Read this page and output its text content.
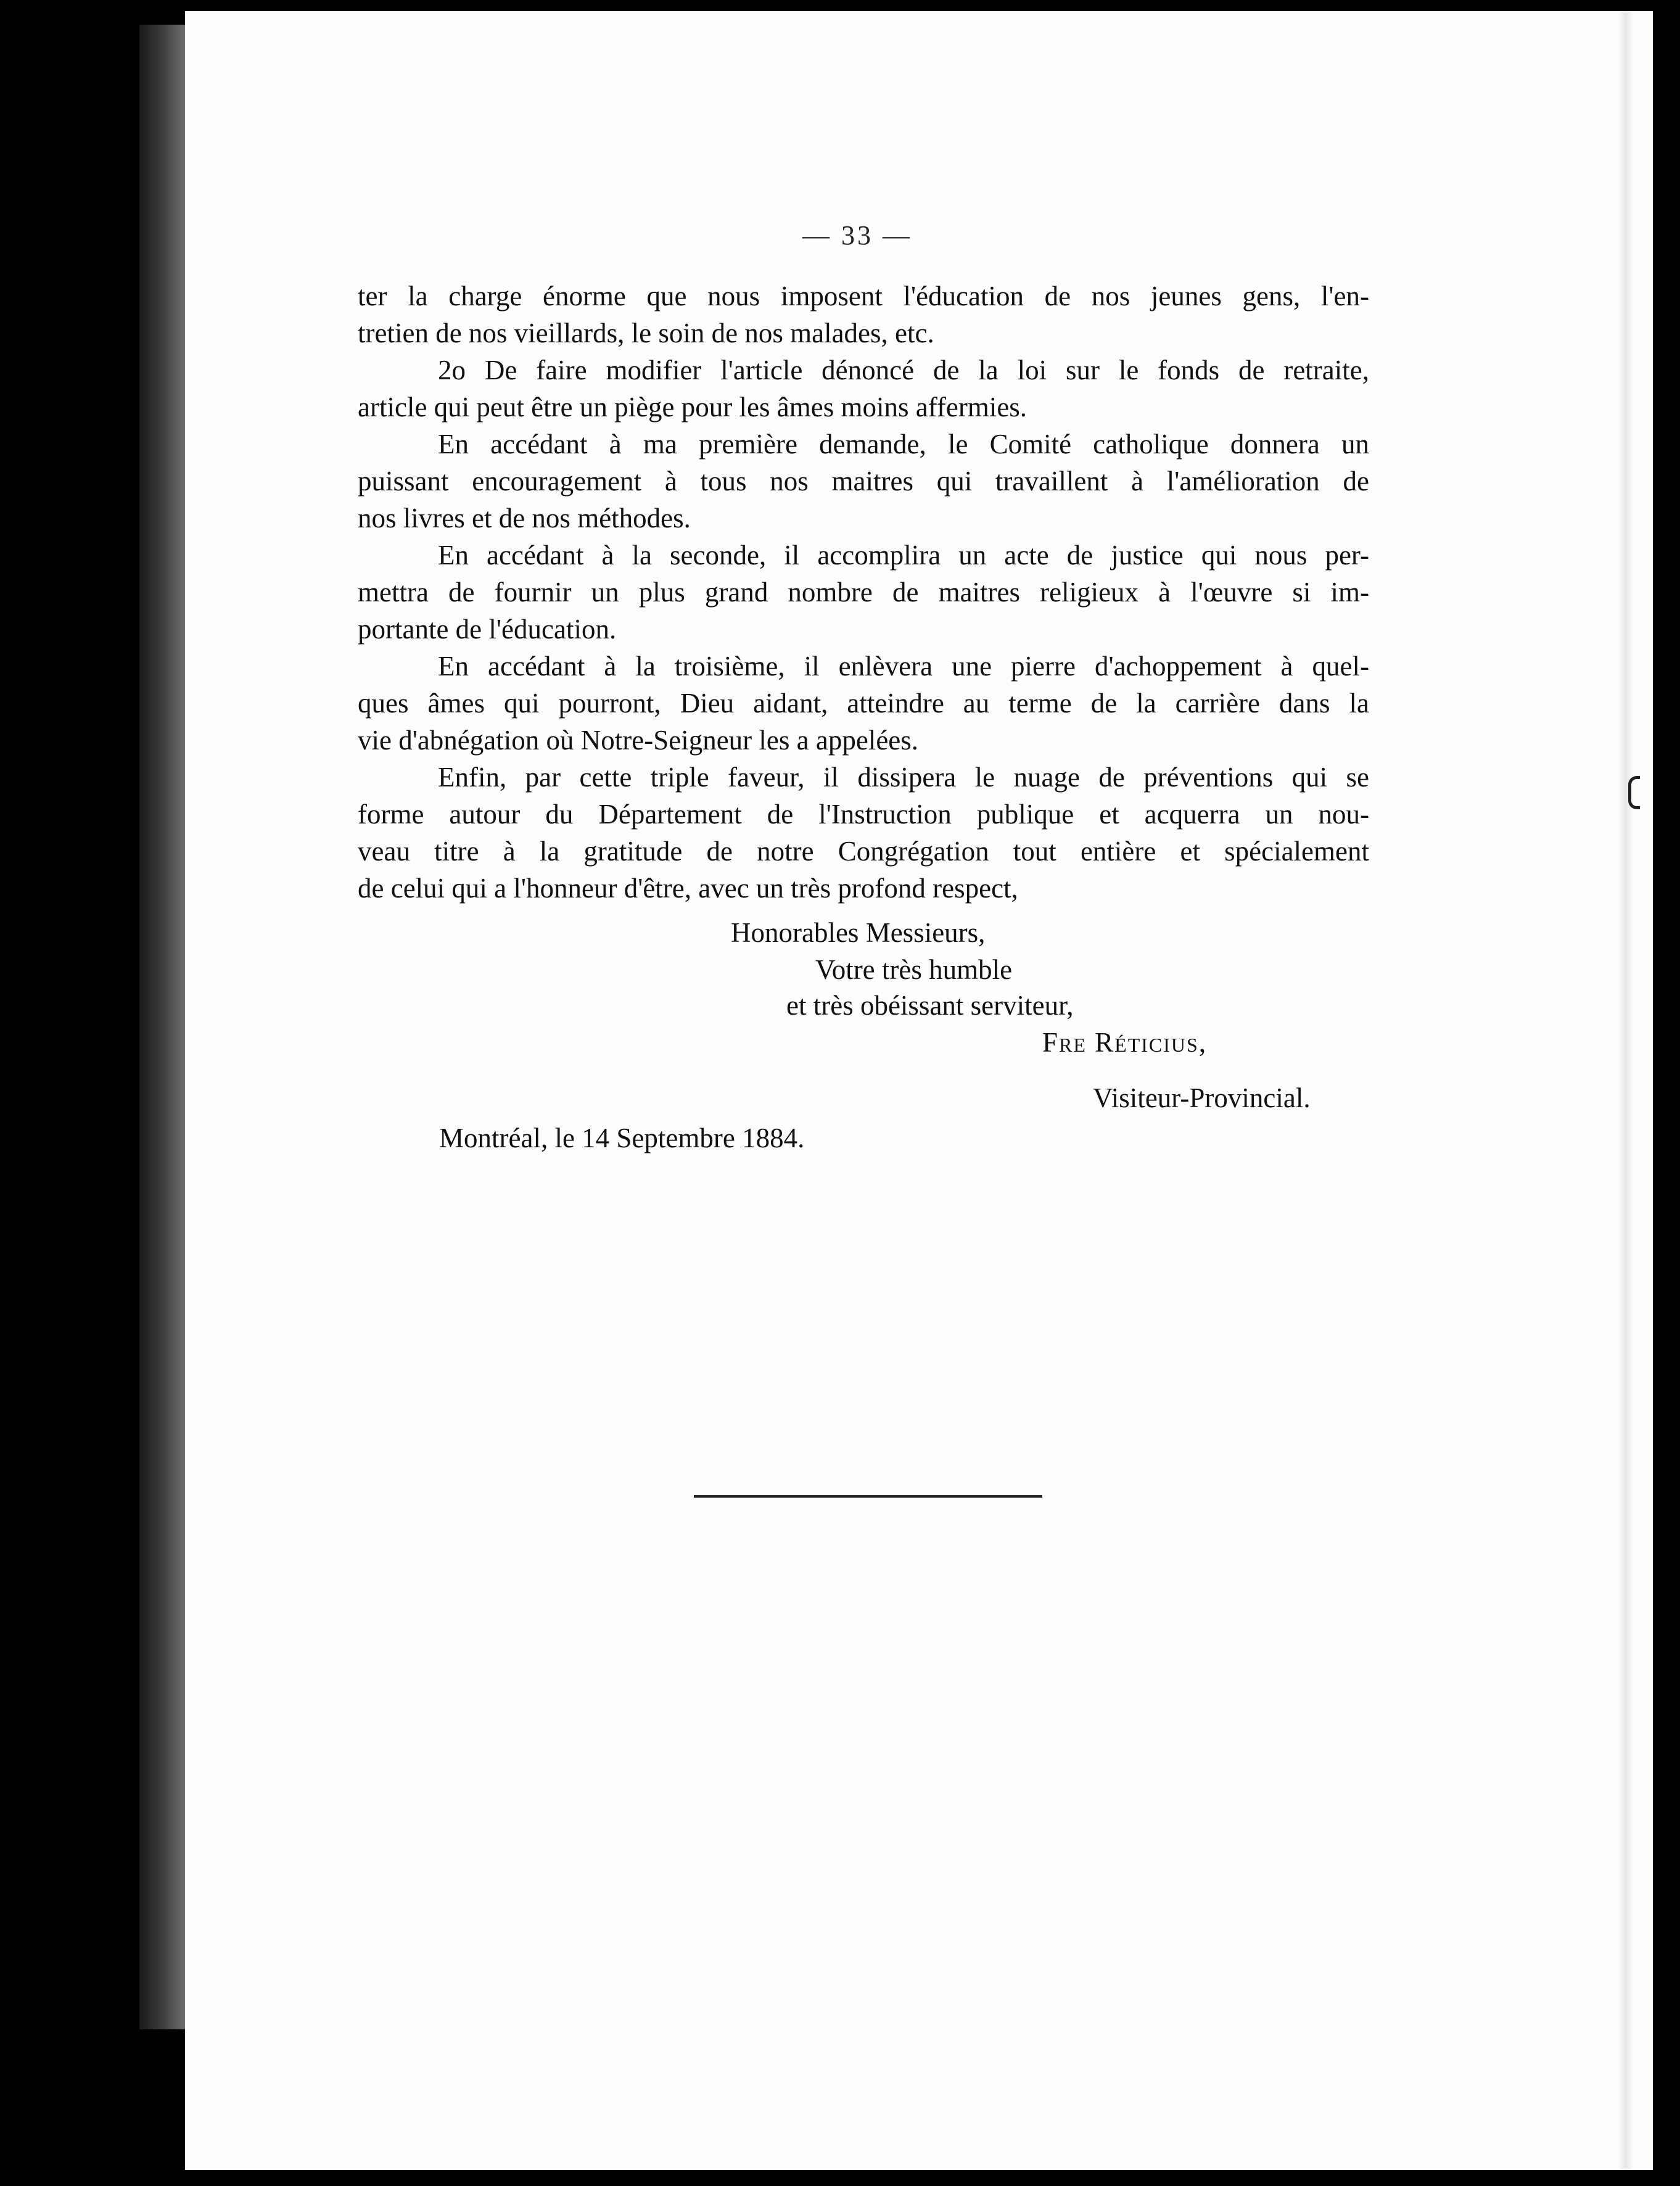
— 33 —
ter la charge énorme que nous imposent l'éducation de nos jeunes gens, l'en-
tretien de nos vieillards, le soin de nos malades, etc.
2o De faire modifier l'article dénoncé de la loi sur le fonds de retraite,
article qui peut être un piège pour les âmes moins affermies.
En accédant à ma première demande, le Comité catholique donnera un
puissant encouragement à tous nos maitres qui travaillent à l'amélioration de
nos livres et de nos méthodes.
En accédant à la seconde, il accomplira un acte de justice qui nous per-
mettra de fournir un plus grand nombre de maitres religieux à l'œuvre si im-
portante de l'éducation.
En accédant à la troisième, il enlèvera une pierre d'achoppement à quel-
ques âmes qui pourront, Dieu aidant, atteindre au terme de la carrière dans la
vie d'abnégation où Notre-Seigneur les a appelées.
Enfin, par cette triple faveur, il dissipera le nuage de préventions qui se
forme autour du Département de l'Instruction publique et acquerra un nou-
veau titre à la gratitude de notre Congrégation tout entière et spécialement
de celui qui a l'honneur d'être, avec un très profond respect,
Honorables Messieurs,
Votre très humble
et très obéissant serviteur,
Fre Réticius,
Visiteur-Provincial.
Montréal, le 14 Septembre 1884.
